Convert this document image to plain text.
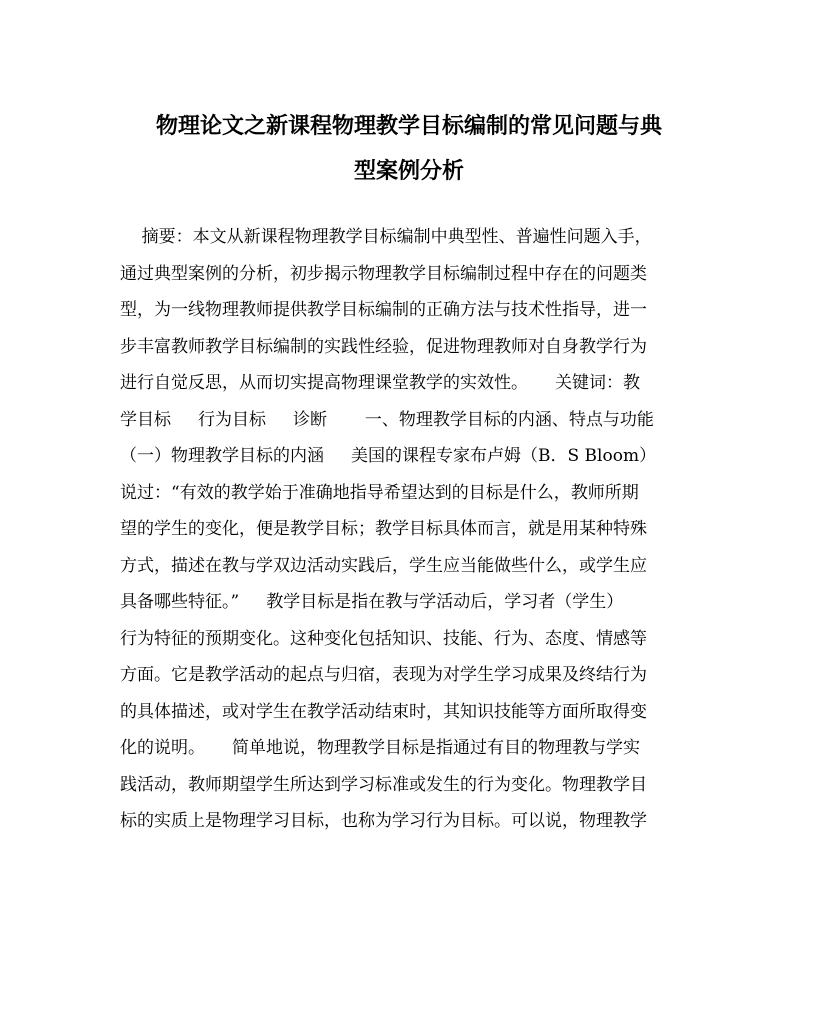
物理论文之新课程物理教学目标编制的常见问题与典
型案例分析
摘要：本文从新课程物理教学目标编制中典型性、普遍性问题入手，
通过典型案例的分析，初步揭示物理教学目标编制过程中存在的问题类
型，为一线物理教师提供教学目标编制的正确方法与技术性指导，进一
步丰富教师教学目标编制的实践性经验，促进物理教师对自身教学行为
进行自觉反思，从而切实提高物理课堂教学的实效性。     关键词：教
学目标     行为目标     诊断       一、物理教学目标的内涵、特点与功能
（一）物理教学目标的内涵     美国的课程专家布卢姆（B．S Bloom）
说过：“有效的教学始于准确地指导希望达到的目标是什么，教师所期
望的学生的变化，便是教学目标；教学目标具体而言，就是用某种特殊
方式，描述在教与学双边活动实践后，学生应当能做些什么，或学生应
具备哪些特征。”     教学目标是指在教与学活动后，学习者（学生）
行为特征的预期变化。这种变化包括知识、技能、行为、态度、情感等
方面。它是教学活动的起点与归宿，表现为对学生学习成果及终结行为
的具体描述，或对学生在教学活动结束时，其知识技能等方面所取得变
化的说明。     简单地说，物理教学目标是指通过有目的物理教与学实
践活动，教师期望学生所达到学习标准或发生的行为变化。物理教学目
标的实质上是物理学习目标，也称为学习行为目标。可以说，物理教学
